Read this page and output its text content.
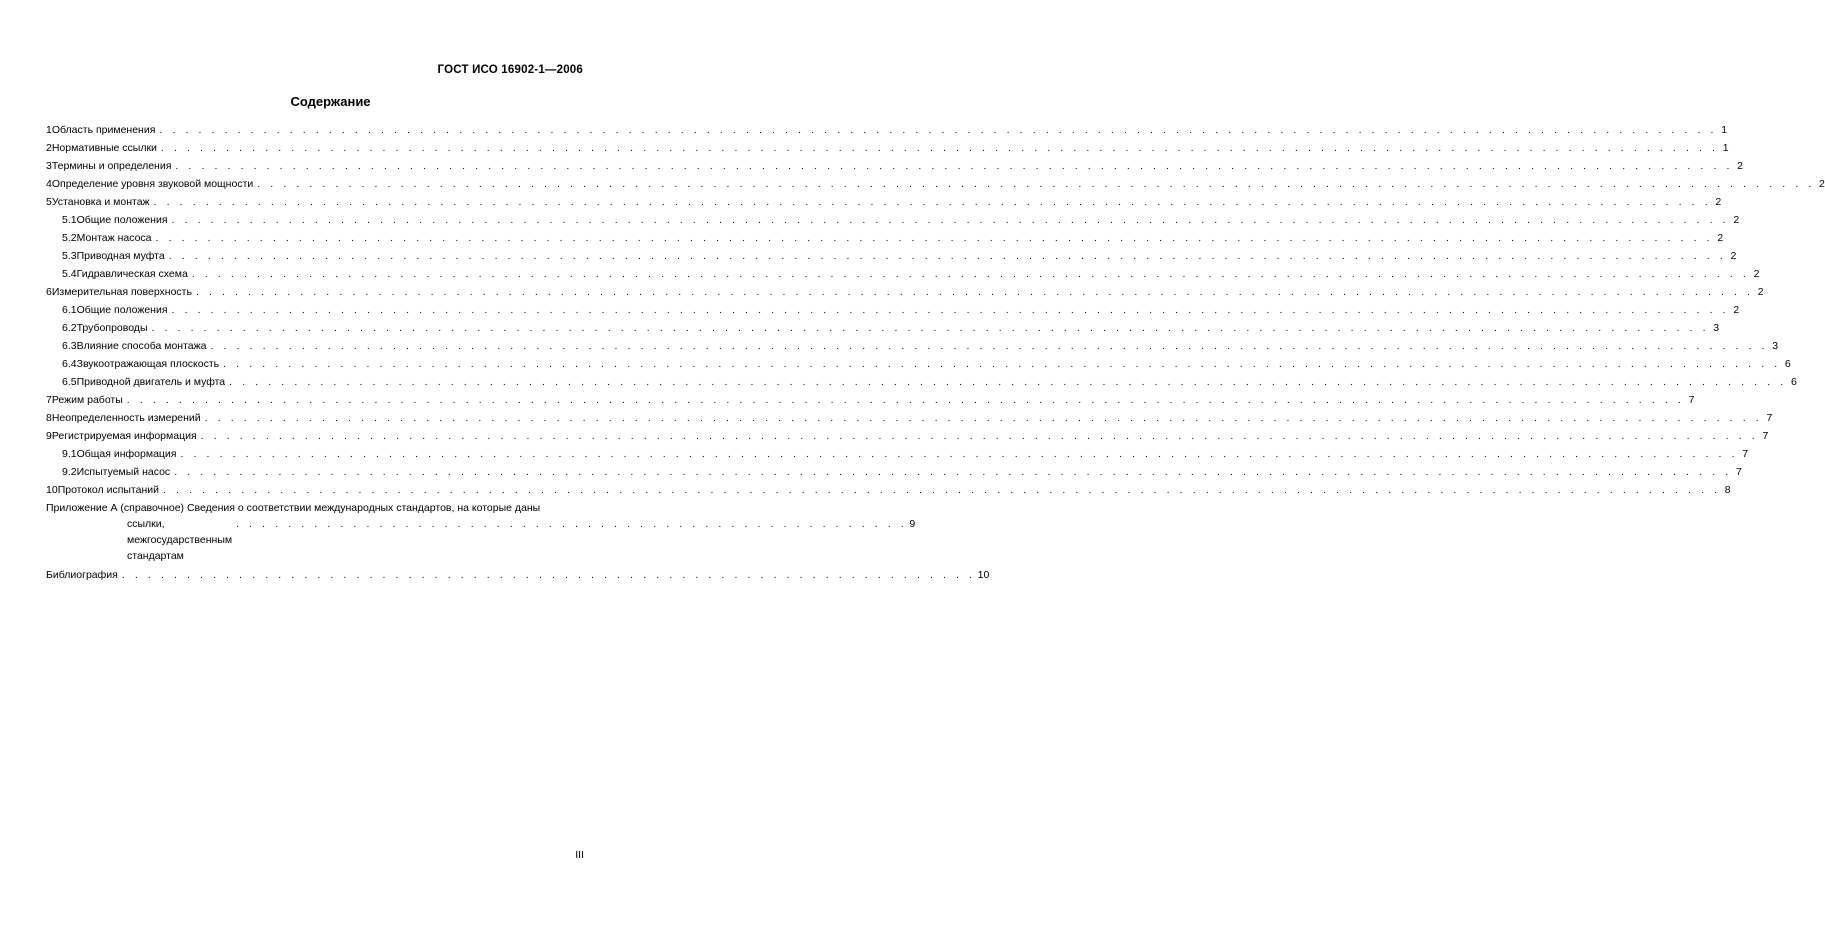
ГОСТ ИСО 16902-1—2006
Содержание
1 Область применения . . . . . . . . . . . . . . . . . . . . . . . . . . . . . . . . . . . . . . . . . . . . . . . . . . . . . . . . . . . . . . . . . . . . . . . . . . . . . . . . . . . . . . . . . . . . . . . . . . . . . . . . . . . . . . . . . . . . . . . . 1
2 Нормативные ссылки . . . . . . . . . . . . . . . . . . . . . . . . . . . . . . . . . . . . . . . . . . . . . . . . . . . . . . . . . . . . . . . . . . . . . . . . . . . . . . . . . . . . . . . . . . . . . . . . . . . . . . . . . . . . . . . . . . . . . . . . 1
3 Термины и определения . . . . . . . . . . . . . . . . . . . . . . . . . . . . . . . . . . . . . . . . . . . . . . . . . . . . . . . . . . . . . . . . . . . . . . . . . . . . . . . . . . . . . . . . . . . . . . . . . . . . . . . . . . . . . . . . . . . . . . . . 2
4 Определение уровня звуковой мощности . . . . . . . . . . . . . . . . . . . . . . . . . . . . . . . . . . . . . . . . . . . . . . . . . . . . . . . . . . . . . . . . . . . . . . . . . . . . . . . . . . . . . . . . . . . . . . . . . . . . . . . . . . . . . . . . . . . . . . . . 2
5 Установка и монтаж . . . . . . . . . . . . . . . . . . . . . . . . . . . . . . . . . . . . . . . . . . . . . . . . . . . . . . . . . . . . . . . . . . . . . . . . . . . . . . . . . . . . . . . . . . . . . . . . . . . . . . . . . . . . . . . . . . . . . . . . 2
5.1 Общие положения . . . . . . . . . . . . . . . . . . . . . . . . . . . . . . . . . . . . . . . . . . . . . . . . . . . . . . . . . . . . . . . . . . . . . . . . . . . . . . . . . . . . . . . . . . . . . . . . . . . . . . . . . . . . . . . . . . . . . . . . 2
5.2 Монтаж насоса . . . . . . . . . . . . . . . . . . . . . . . . . . . . . . . . . . . . . . . . . . . . . . . . . . . . . . . . . . . . . . . . . . . . . . . . . . . . . . . . . . . . . . . . . . . . . . . . . . . . . . . . . . . . . . . . . . . . . . . . 2
5.3 Приводная муфта . . . . . . . . . . . . . . . . . . . . . . . . . . . . . . . . . . . . . . . . . . . . . . . . . . . . . . . . . . . . . . . . . . . . . . . . . . . . . . . . . . . . . . . . . . . . . . . . . . . . . . . . . . . . . . . . . . . . . . . . 2
5.4 Гидравлическая схема . . . . . . . . . . . . . . . . . . . . . . . . . . . . . . . . . . . . . . . . . . . . . . . . . . . . . . . . . . . . . . . . . . . . . . . . . . . . . . . . . . . . . . . . . . . . . . . . . . . . . . . . . . . . . . . . . . . . . . . . 2
6 Измерительная поверхность . . . . . . . . . . . . . . . . . . . . . . . . . . . . . . . . . . . . . . . . . . . . . . . . . . . . . . . . . . . . . . . . . . . . . . . . . . . . . . . . . . . . . . . . . . . . . . . . . . . . . . . . . . . . . . . . . . . . . . . . 2
6.1 Общие положения . . . . . . . . . . . . . . . . . . . . . . . . . . . . . . . . . . . . . . . . . . . . . . . . . . . . . . . . . . . . . . . . . . . . . . . . . . . . . . . . . . . . . . . . . . . . . . . . . . . . . . . . . . . . . . . . . . . . . . . . 2
6.2 Трубопроводы . . . . . . . . . . . . . . . . . . . . . . . . . . . . . . . . . . . . . . . . . . . . . . . . . . . . . . . . . . . . . . . . . . . . . . . . . . . . . . . . . . . . . . . . . . . . . . . . . . . . . . . . . . . . . . . . . . . . . . . . 3
6.3 Влияние способа монтажа . . . . . . . . . . . . . . . . . . . . . . . . . . . . . . . . . . . . . . . . . . . . . . . . . . . . . . . . . . . . . . . . . . . . . . . . . . . . . . . . . . . . . . . . . . . . . . . . . . . . . . . . . . . . . . . . . . . . . . . . 3
6.4 Звукоотражающая плоскость . . . . . . . . . . . . . . . . . . . . . . . . . . . . . . . . . . . . . . . . . . . . . . . . . . . . . . . . . . . . . . . . . . . . . . . . . . . . . . . . . . . . . . . . . . . . . . . . . . . . . . . . . . . . . . . . . . . . . . . . 6
6.5 Приводной двигатель и муфта . . . . . . . . . . . . . . . . . . . . . . . . . . . . . . . . . . . . . . . . . . . . . . . . . . . . . . . . . . . . . . . . . . . . . . . . . . . . . . . . . . . . . . . . . . . . . . . . . . . . . . . . . . . . . . . . . . . . . . . . 6
7 Режим работы . . . . . . . . . . . . . . . . . . . . . . . . . . . . . . . . . . . . . . . . . . . . . . . . . . . . . . . . . . . . . . . . . . . . . . . . . . . . . . . . . . . . . . . . . . . . . . . . . . . . . . . . . . . . . . . . . . . . . . . . 7
8 Неопределенность измерений . . . . . . . . . . . . . . . . . . . . . . . . . . . . . . . . . . . . . . . . . . . . . . . . . . . . . . . . . . . . . . . . . . . . . . . . . . . . . . . . . . . . . . . . . . . . . . . . . . . . . . . . . . . . . . . . . . . . . . . . 7
9 Регистрируемая информация . . . . . . . . . . . . . . . . . . . . . . . . . . . . . . . . . . . . . . . . . . . . . . . . . . . . . . . . . . . . . . . . . . . . . . . . . . . . . . . . . . . . . . . . . . . . . . . . . . . . . . . . . . . . . . . . . . . . . . . . 7
9.1 Общая информация . . . . . . . . . . . . . . . . . . . . . . . . . . . . . . . . . . . . . . . . . . . . . . . . . . . . . . . . . . . . . . . . . . . . . . . . . . . . . . . . . . . . . . . . . . . . . . . . . . . . . . . . . . . . . . . . . . . . . . . . 7
9.2 Испытуемый насос . . . . . . . . . . . . . . . . . . . . . . . . . . . . . . . . . . . . . . . . . . . . . . . . . . . . . . . . . . . . . . . . . . . . . . . . . . . . . . . . . . . . . . . . . . . . . . . . . . . . . . . . . . . . . . . . . . . . . . . . 7
10 Протокол испытаний . . . . . . . . . . . . . . . . . . . . . . . . . . . . . . . . . . . . . . . . . . . . . . . . . . . . . . . . . . . . . . . . . . . . . . . . . . . . . . . . . . . . . . . . . . . . . . . . . . . . . . . . . . . . . . . . . . . . . . . . 8
Приложение А (справочное) Сведения о соответствии международных стандартов, на которые даны
ссылки, межгосударственным стандартам
. . . . . . . . . . . . . . . . . . . . . . . . . . . . . . . . . . . . . . . . . . . . . . . . . . . . 9
Библиография . . . . . . . . . . . . . . . . . . . . . . . . . . . . . . . . . . . . . . . . . . . . . . . . . . . . . . . . . . . . . . . . . . 10
III
